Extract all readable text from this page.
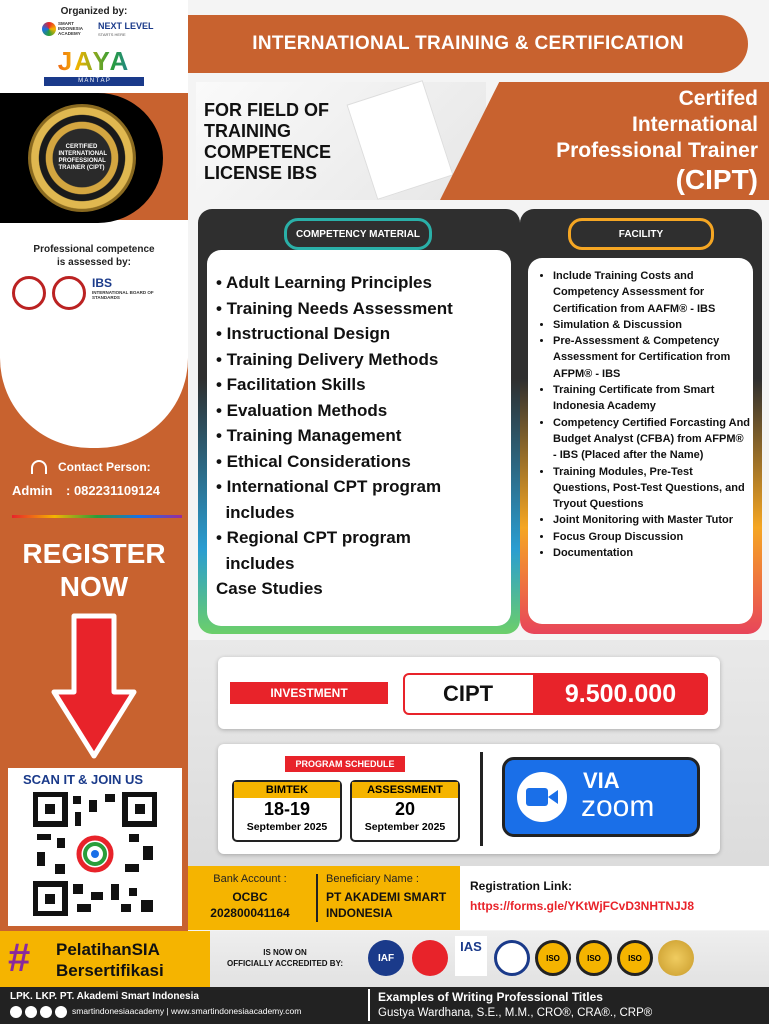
Organized by:
SMART INDONESIA ACADEMY
NEXT LEVEL
STARTS HERE
JAYA
M A N T A P
Professional competence
is assessed by:
IBS
INTERNATIONAL BOARD OF STANDARDS
CERTIFIED INTERNATIONAL PROFESSIONAL TRAINER (CIPT)
Contact Person:
Admin : 082231109124
REGISTER
NOW
SCAN IT & JOIN US
INTERNATIONAL TRAINING & CERTIFICATION
FOR FIELD OF
TRAINING
COMPETENCE
LICENSE IBS
Certifed
International
Professional Trainer
(CIPT)
COMPETENCY MATERIAL
• Adult Learning Principles
• Training Needs Assessment
• Instructional Design
• Training Delivery Methods
• Facilitation Skills
• Evaluation Methods
• Training Management
• Ethical Considerations
• International CPT program
includes
• Regional CPT program
includes
Case Studies
FACILITY
• Include Training Costs and Competency Assessment for Certification from AAFM® - IBS
• Simulation & Discussion
• Pre-Assessment & Competency Assessment for Certification from AFPM® - IBS
• Training Certificate from Smart Indonesia Academy
• Competency Certified Forcasting And Budget Analyst (CFBA) from AFPM® - IBS (Placed after the Name)
• Training Modules, Pre-Test Questions, Post-Test Questions, and Tryout Questions
• Joint Monitoring with Master Tutor
• Focus Group Discussion
• Documentation
INVESTMENT	CIPT	9.500.000
PROGRAM SCHEDULE
BIMTEK
18-19
September 2025
ASSESSMENT
20
September 2025
VIA
zoom
Bank Account :
OCBC
202800041164
Beneficiary Name :
PT AKADEMI SMART
INDONESIA
Registration Link:
https://forms.gle/YKtWjFCvD3NHTNJJ8
# PelatihanSIA
Bersertifikasi
IS NOW ON
OFFICIALLY ACCREDITED BY:	IAF
IAS
ISO	ISO	ISO
LPK. LKP. PT. Akademi Smart Indonesia
smartindonesiaacademy | www.smartindonesiaacademy.com
Examples of Writing Professional Titles
Gustya Wardhana, S.E., M.M., CRO®, CRA®., CRP®
